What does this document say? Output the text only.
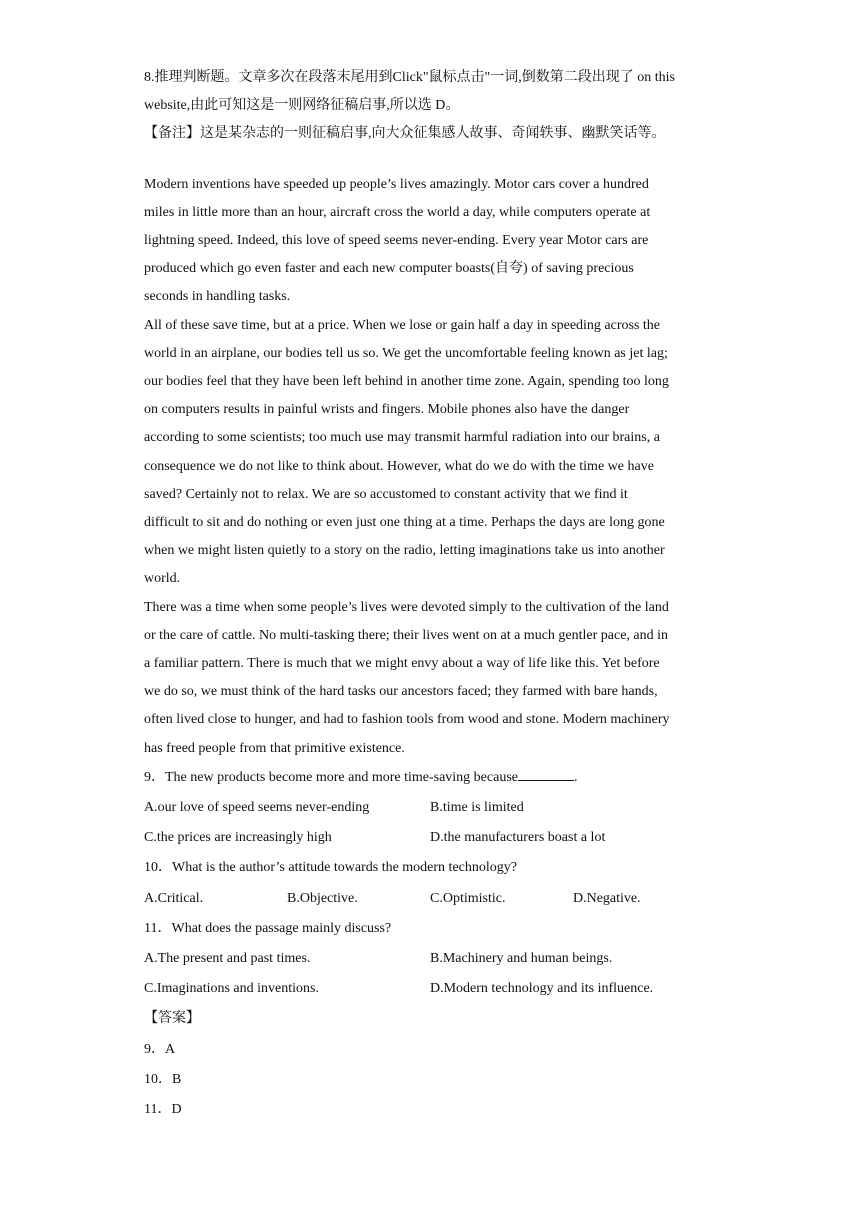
8.推理判断题。文章多次在段落末尾用到Click"鼠标点击"一词,倒数第二段出现了 on this

website,由此可知这是一则网络征稿启事,所以选 D。

【备注】这是某杂志的一则征稿启事,向大众征集感人故事、奇闻轶事、幽默笑话等。

Modern inventions have speeded up people’s lives amazingly. Motor cars cover a hundred

miles in little more than an hour, aircraft cross the world a day, while computers operate at

lightning speed. Indeed, this love of speed seems never-ending. Every year Motor cars are

produced which go even faster and each new computer boasts(自夸) of saving precious

seconds in handling tasks.

All of these save time, but at a price. When we lose or gain half a day in speeding across the

world in an airplane, our bodies tell us so. We get the uncomfortable feeling known as jet lag;

our bodies feel that they have been left behind in another time zone. Again, spending too long

on computers results in painful wrists and fingers. Mobile phones also have the danger

according to some scientists; too much use may transmit harmful radiation into our brains, a

consequence we do not like to think about. However, what do we do with the time we have

saved? Certainly not to relax. We are so accustomed to constant activity that we find it

difficult to sit and do nothing or even just one thing at a time. Perhaps the days are long gone

when we might listen quietly to a story on the radio, letting imaginations take us into another

world.

There was a time when some people’s lives were devoted simply to the cultivation of the land

or the care of cattle. No multi-tasking there; their lives went on at a much gentler pace, and in

a familiar pattern. There is much that we might envy about a way of life like this. Yet before

we do so, we must think of the hard tasks our ancestors faced; they farmed with bare hands,

often lived close to hunger, and had to fashion tools from wood and stone. Modern machinery

has freed people from that primitive existence.

9．The new products become more and more time-saving because	.

A.our love of speed seems never-ending	B.time is limited
C.the prices are increasingly high	D.the manufacturers boast a lot

10．What is the author’s attitude towards the modern technology?

A.Critical.	B.Objective.	C.Optimistic.	D.Negative.

11．What does the passage mainly discuss?

A.The present and past times.	B.Machinery and human beings.
C.Imaginations and inventions.	D.Modern technology and its influence.

【答案】

9．A

10．B

11．D
